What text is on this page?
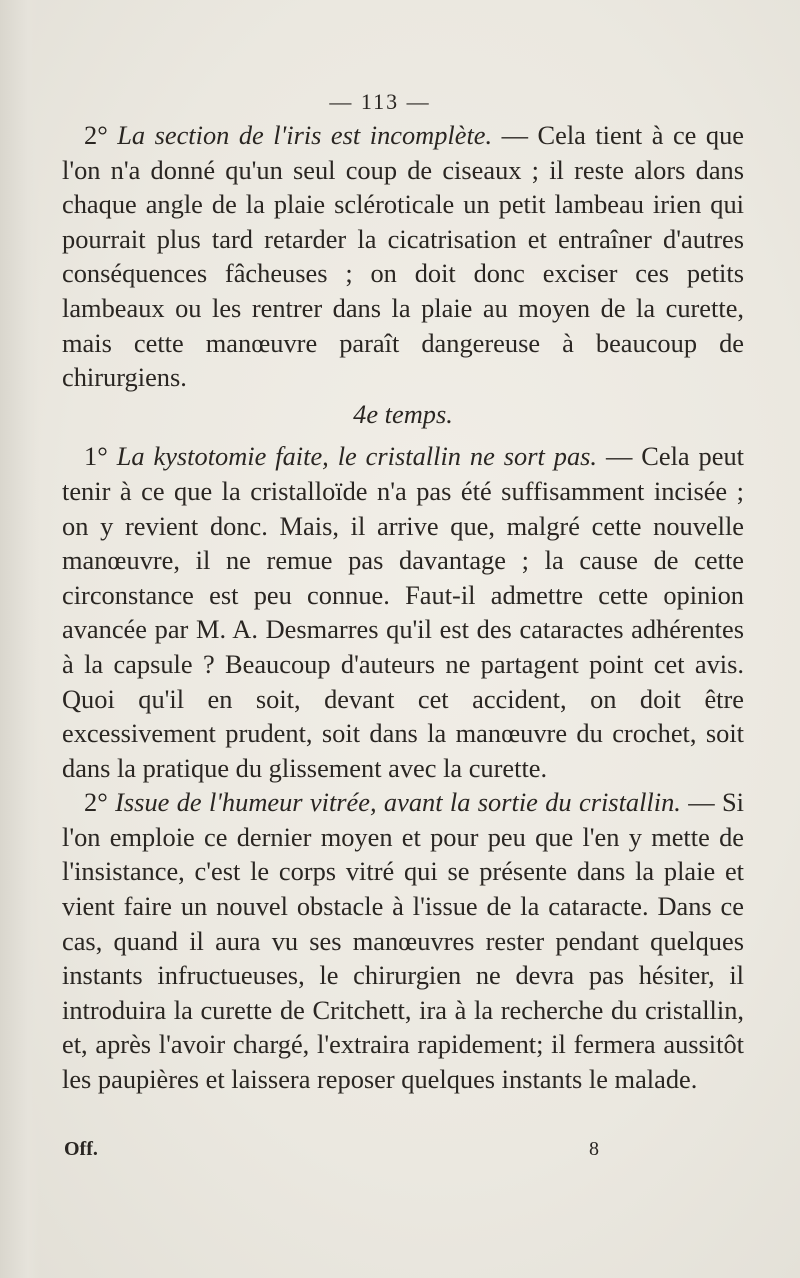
— 113 —

2° La section de l'iris est incomplète. — Cela tient à ce que l'on n'a donné qu'un seul coup de ciseaux ; il reste alors dans chaque angle de la plaie scléroticale un petit lambeau irien qui pourrait plus tard retarder la cicatrisation et entraîner d'autres conséquences fâcheuses ; on doit donc exciser ces petits lambeaux ou les rentrer dans la plaie au moyen de la curette, mais cette manœuvre paraît dangereuse à beaucoup de chirurgiens.

4e temps.

1° La kystotomie faite, le cristallin ne sort pas. — Cela peut tenir à ce que la cristalloïde n'a pas été suffisamment incisée ; on y revient donc. Mais, il arrive que, malgré cette nouvelle manœuvre, il ne remue pas davantage ; la cause de cette circonstance est peu connue. Faut-il admettre cette opinion avancée par M. A. Desmarres qu'il est des cataractes adhérentes à la capsule ? Beaucoup d'auteurs ne partagent point cet avis. Quoi qu'il en soit, devant cet accident, on doit être excessivement prudent, soit dans la manœuvre du crochet, soit dans la pratique du glissement avec la curette.

2° Issue de l'humeur vitrée, avant la sortie du cristallin. — Si l'on emploie ce dernier moyen et pour peu que l'en y mette de l'insistance, c'est le corps vitré qui se présente dans la plaie et vient faire un nouvel obstacle à l'issue de la cataracte. Dans ce cas, quand il aura vu ses manœuvres rester pendant quelques instants infructueuses, le chirurgien ne devra pas hésiter, il introduira la curette de Critchett, ira à la recherche du cristallin, et, après l'avoir chargé, l'extraira rapidement; il fermera aussitôt les paupières et laissera reposer quelques instants le malade.

Off.	8
